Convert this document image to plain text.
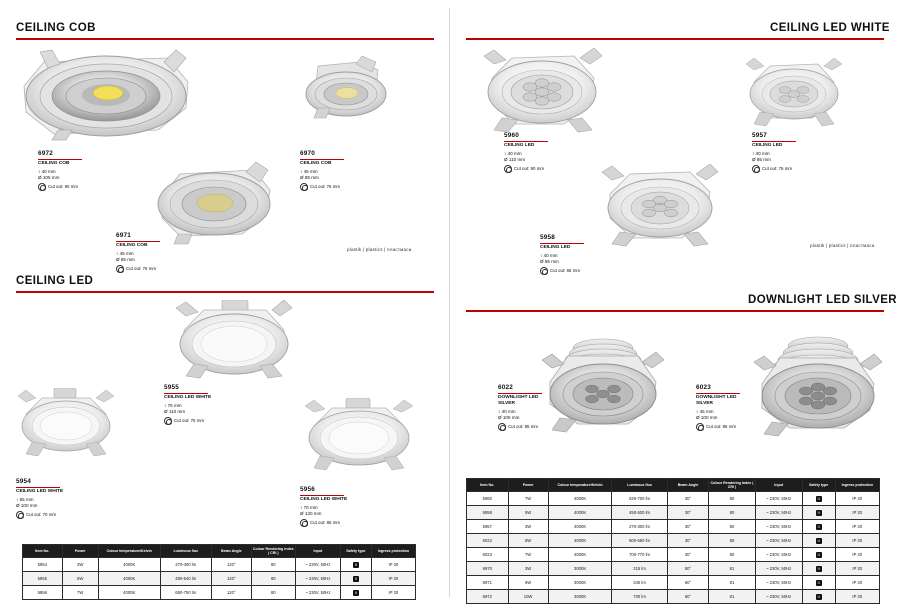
CEILING COB
CEILING LED
CEILING LED WHITE
DOWNLIGHT LED SILVER
6972
CEILING COB
↕ 40 mm
Ø 105 mm
Cut out: 90 mm
6970
CEILING COB
↕ 45 mm
Ø 85 mm
Cut out: 76 mm
6971
CEILING COB
↕ 45 mm
Ø 85 mm
Cut out: 76 mm
5955
CEILING LED WHITE
↕ 75 mm
Ø 110 mm
Cut out: 75 mm
5954
CEILING LED WHITE
↕ 65 mm
Ø 100 mm
Cut out: 70 mm
5956
CEILING LED WHITE
↕ 70 mm
Ø 130 mm
Cut out: 85 mm
5960
CEILING LED
↕ 40 mm
Ø 110 mm
Cut out: 90 mm
5957
CEILING LED
↕ 40 mm
Ø 85 mm
Cut out: 76 mm
5958
CEILING LED
↕ 40 mm
Ø 85 mm
Cut out: 65 mm
6022
DOWNLIGHT LED SILVER
↕ 40 mm
Ø 105 mm
Cut out: 85 mm
6023
DOWNLIGHT LED SILVER
↕ 45 mm
Ø 100 mm
Cut out: 85 mm
plastik | plastics | пластмаса
plastik | plastics | пластмаса
Item No.	Power	Colour temperature/Kelvin	Luminous flux	Beam Angle	Colour Rendering Index ( CRI )	Input	Safety type	Ingress protection
5954	3W	4000K	370-400 lm	120°	80	~ 230V, 50Hz	II	IP 20
5955	5W	4000K	480-540 lm	120°	80	~ 230V, 50Hz	II	IP 20
5956	7W	4000K	680-750 lm	120°	80	~ 230V, 50Hz	II	IP 20
Item No.	Power	Colour temperature/Kelvin	Luminous flux	Beam Angle	Colour Rendering Index ( CRI )	Input	Safety type	Ingress protection
5960	7W	4000K	630-700 lm	30°	80	~ 230V, 50Hz	II	IP 20
5958	5W	4000K	450-500 lm	30°	80	~ 230V, 50Hz	II	IP 20
5957	3W	4000K	270-300 lm	30°	80	~ 230V, 50Hz	II	IP 20
6022	5W	4000K	500-550 lm	30°	80	~ 230V, 50Hz	II	IP 20
6023	7W	4000K	700-770 lm	30°	80	~ 230V, 50Hz	II	IP 20
6970	3W	3000K	215 lm	60°	81	~ 230V, 50Hz	II	IP 20
6971	5W	3000K	340 lm	60°	81	~ 230V, 50Hz	II	IP 20
6972	10W	3000K	700 lm	60°	81	~ 230V, 50Hz	II	IP 20
